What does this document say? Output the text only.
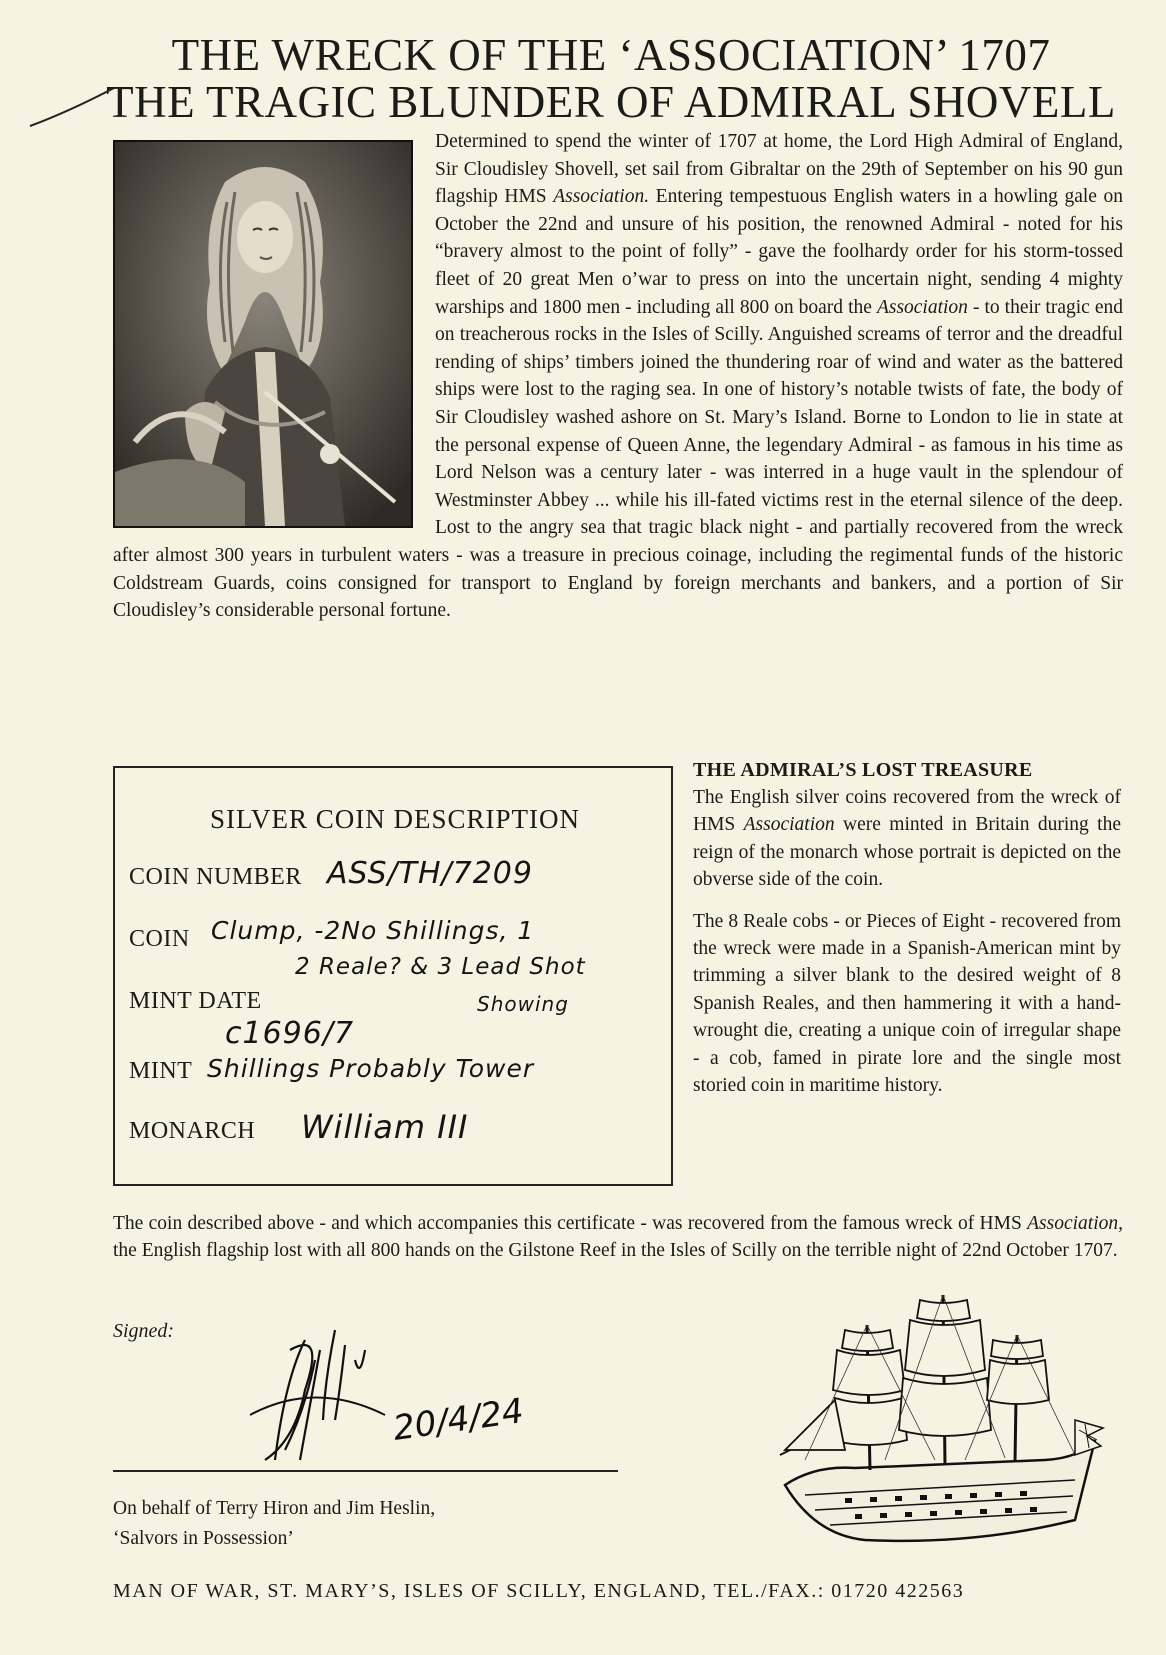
THE WRECK OF THE ‘ASSOCIATION’ 1707
THE TRAGIC BLUNDER OF ADMIRAL SHOVELL

Determined to spend the winter of 1707 at home, the Lord High Admiral of England, Sir Cloudisley Shovell, set sail from Gibraltar on the 29th of September on his 90 gun flagship HMS Association. Entering tempestuous English waters in a howling gale on October the 22nd and unsure of his position, the renowned Admiral - noted for his “bravery almost to the point of folly” - gave the foolhardy order for his storm-tossed fleet of 20 great Men o’war to press on into the uncertain night, sending 4 mighty warships and 1800 men - including all 800 on board the Association - to their tragic end on treacherous rocks in the Isles of Scilly. Anguished screams of terror and the dreadful rending of ships’ timbers joined the thundering roar of wind and water as the battered ships were lost to the raging sea. In one of history’s notable twists of fate, the body of Sir Cloudisley washed ashore on St. Mary’s Island. Borne to London to lie in state at the personal expense of Queen Anne, the legendary Admiral - as famous in his time as Lord Nelson was a century later - was interred in a huge vault in the splendour of Westminster Abbey ... while his ill-fated victims rest in the eternal silence of the deep. Lost to the angry sea that tragic black night - and partially recovered from the wreck after almost 300 years in turbulent waters - was a treasure in precious coinage, including the regimental funds of the historic Coldstream Guards, coins consigned for transport to England by foreign merchants and bankers, and a portion of Sir Cloudisley’s considerable personal fortune.

SILVER COIN DESCRIPTION
COIN NUMBER ASS/TH/7209
COIN Clump, -2No Shillings, 1
2 Reale? & 3 Lead Shot
MINT DATE
c1696/7
Showing
MINT Shillings Probably Tower
MONARCH William III
THE ADMIRAL’S LOST TREASURE

The English silver coins recovered from the wreck of HMS Association were minted in Britain during the reign of the monarch whose portrait is depicted on the obverse side of the coin.

The 8 Reale cobs - or Pieces of Eight - recovered from the wreck were made in a Spanish-American mint by trimming a silver blank to the desired weight of 8 Spanish Reales, and then hammering it with a hand-wrought die, creating a unique coin of irregular shape - a cob, famed in pirate lore and the single most storied coin in maritime history.

The coin described above - and which accompanies this certificate - was recovered from the famous wreck of HMS Association, the English flagship lost with all 800 hands on the Gilstone Reef in the Isles of Scilly on the terrible night of 22nd October 1707.

Signed:
20/4/24
On behalf of Terry Hiron and Jim Heslin,
‘Salvors in Possession’
MAN OF WAR, ST. MARY’S, ISLES OF SCILLY, ENGLAND, TEL./FAX.: 01720 422563
